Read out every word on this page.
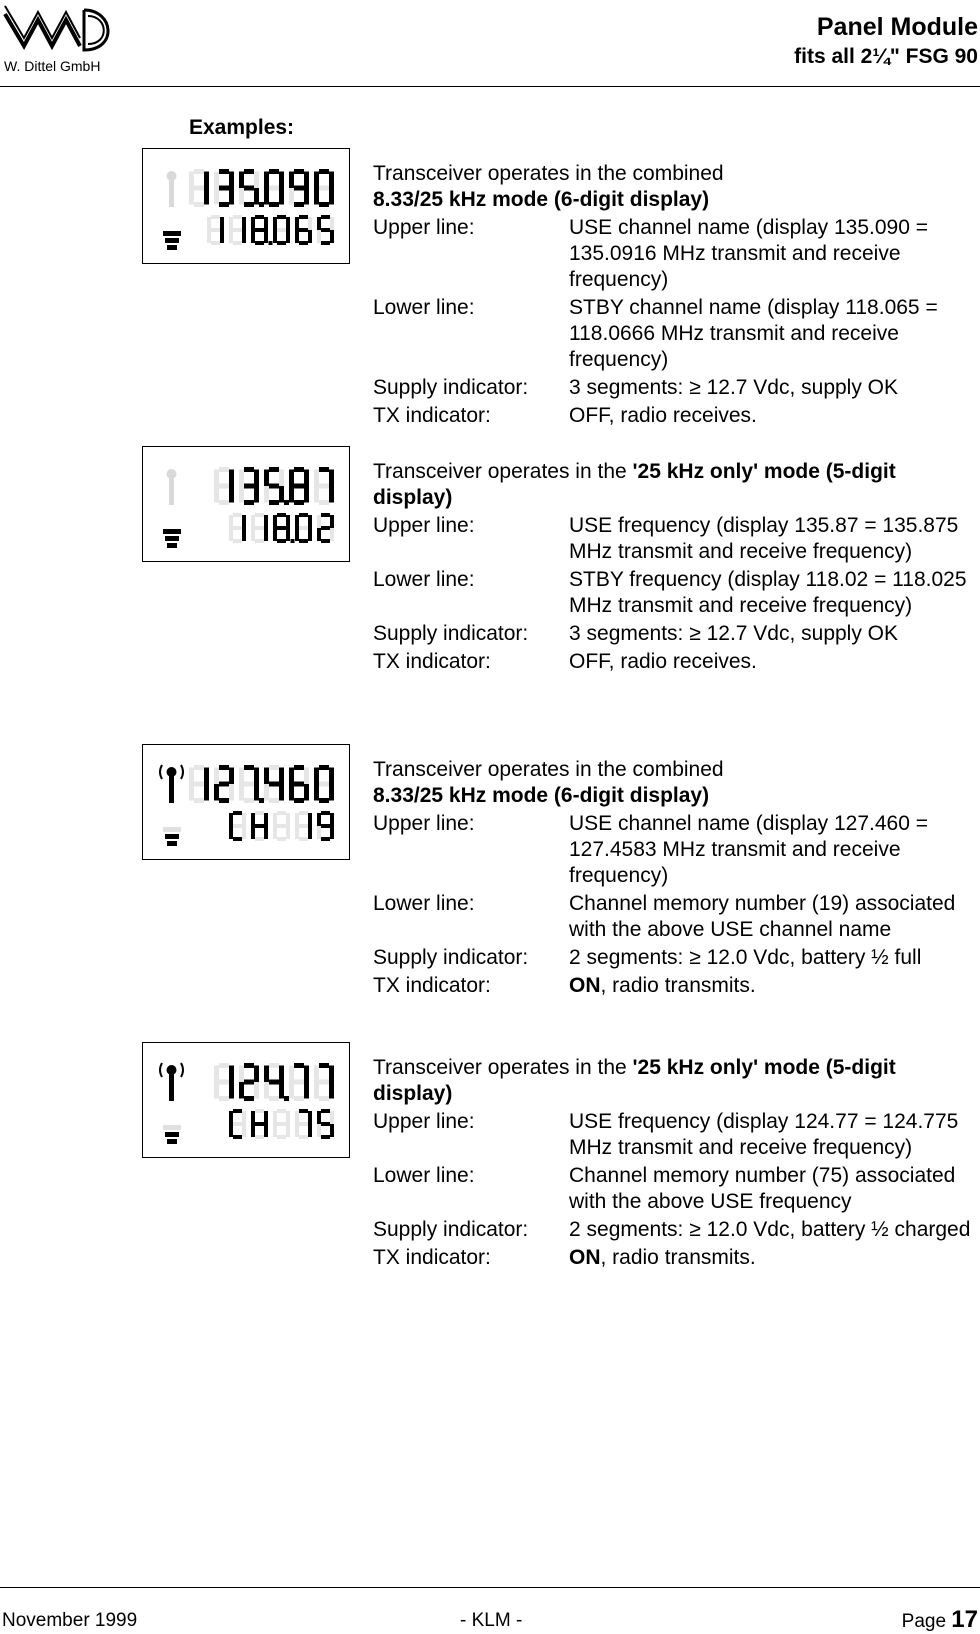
W. Dittel GmbH
Panel Module
fits all 2¼" FSG 90
Examples:
Transceiver operates in the combined
8.33/25 kHz mode (6-digit display)
Upper line:	USE channel name (display 135.090 = 135.0916 MHz transmit and receive frequency)
Lower line:	STBY channel name (display 118.065 = 118.0666 MHz transmit and receive frequency)
Supply indicator:	3 segments: ≥ 12.7 Vdc, supply OK
TX indicator:	OFF, radio receives.
Transceiver operates in the '25 kHz only' mode (5-digit display)
Upper line:	USE frequency (display 135.87 = 135.875 MHz transmit and receive frequency)
Lower line:	STBY frequency (display 118.02 = 118.025 MHz transmit and receive frequency)
Supply indicator:	3 segments: ≥ 12.7 Vdc, supply OK
TX indicator:	OFF, radio receives.
Transceiver operates in the combined
8.33/25 kHz mode (6-digit display)
Upper line:	USE channel name (display 127.460 = 127.4583 MHz transmit and receive frequency)
Lower line:	Channel memory number (19) associated with the above USE channel name
Supply indicator:	2 segments: ≥ 12.0 Vdc, battery ½ full
TX indicator:	ON, radio transmits.
Transceiver operates in the '25 kHz only' mode (5-digit display)
Upper line:	USE frequency (display 124.77 = 124.775 MHz transmit and receive frequency)
Lower line:	Channel memory number (75) associated with the above USE frequency
Supply indicator:	2 segments: ≥ 12.0 Vdc, battery ½ charged
TX indicator:	ON, radio transmits.
November 1999	- KLM -	Page 17
